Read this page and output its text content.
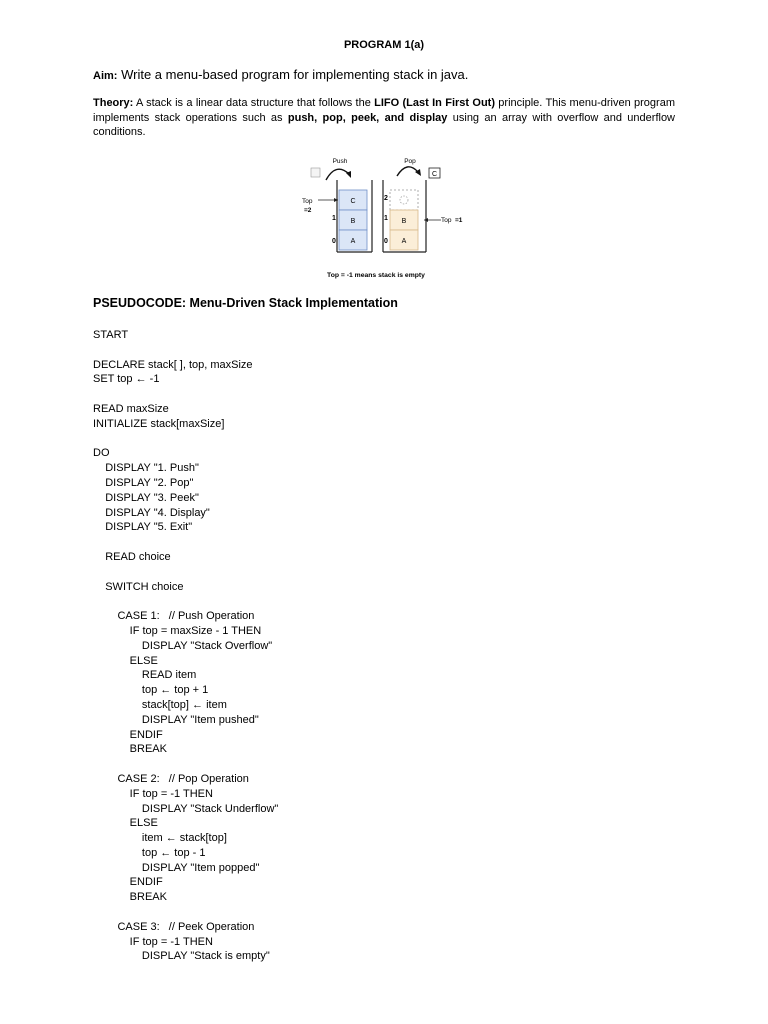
PROGRAM 1(a)
Aim: Write a menu-based program for implementing stack in java.
Theory: A stack is a linear data structure that follows the LIFO (Last In First Out) principle. This menu-driven program implements stack operations such as push, pop, peek, and display using an array with overflow and underflow conditions.
C
B
A
B
A
1
0
2
1
0
Top
=2
Top =1
Push	Pop
C
Top = -1 means stack is empty
PSEUDOCODE: Menu-Driven Stack Implementation
START
DECLARE stack[ ], top, maxSize
SET top ← -1
READ maxSize
INITIALIZE stack[maxSize]
DO
DISPLAY "1. Push"
DISPLAY "2. Pop"
DISPLAY "3. Peek"
DISPLAY "4. Display"
DISPLAY "5. Exit"
READ choice
SWITCH choice
CASE 1:   // Push Operation
IF top = maxSize - 1 THEN
DISPLAY "Stack Overflow"
ELSE
READ item
top ← top + 1
stack[top] ← item
DISPLAY "Item pushed"
ENDIF
BREAK
CASE 2:   // Pop Operation
IF top = -1 THEN
DISPLAY "Stack Underflow"
ELSE
item ← stack[top]
top ← top - 1
DISPLAY "Item popped"
ENDIF
BREAK
CASE 3:   // Peek Operation
IF top = -1 THEN
DISPLAY "Stack is empty"
